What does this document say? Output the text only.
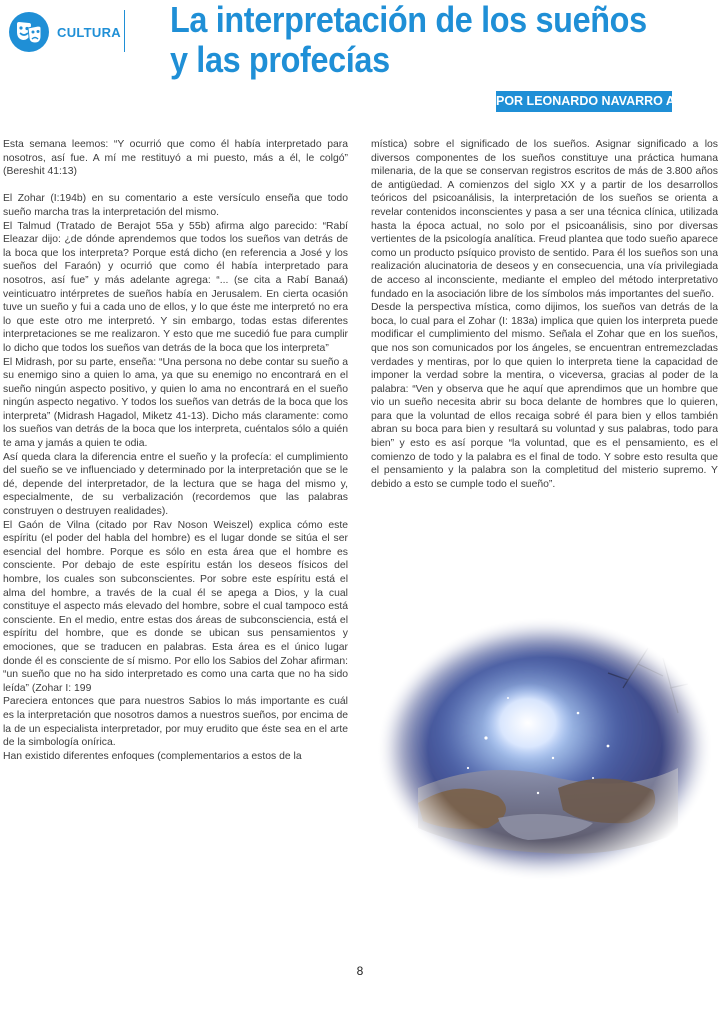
CULTURA La interpretación de los sueños
y las profecías
POR LEONARDO NAVARRO A.

Esta semana leemos: “Y ocurrió que como él había interpretado para nosotros, así fue. A mí me restituyó a mi puesto, más a él, le colgó” (Bereshit 41:13)

El Zohar (I:194b) en su comentario a este versículo enseña que todo sueño marcha tras la interpretación del mismo.

El Talmud (Tratado de Berajot 55a y 55b) afirma algo parecido: “Rabí Eleazar dijo: ¿de dónde aprendemos que todos los sueños van detrás de la boca que los interpreta? Porque está dicho (en referencia a José y los sueños del Faraón) y ocurrió que como él había interpretado para nosotros, así fue” y más adelante agrega: “... (se cita a Rabí Banaá) veinticuatro intérpretes de sueños había en Jerusalem. En cierta ocasión tuve un sueño y fui a cada uno de ellos, y lo que éste me interpretó no era lo que este otro me interpretó. Y sin embargo, todas estas diferentes interpretaciones se me realizaron. Y esto que me sucedió fue para cumplir lo dicho que todos los sueños van detrás de la boca que los interpreta”

El Midrash, por su parte, enseña: “Una persona no debe contar su sueño a su enemigo sino a quien lo ama, ya que su enemigo no encontrará en el sueño ningún aspecto positivo, y quien lo ama no encontrará en el sueño ningún aspecto negativo. Y todos los sueños van detrás de la boca que los interpreta” (Midrash Hagadol, Miketz 41-13). Dicho más claramente: como los sueños van detrás de la boca que los interpreta, cuéntalos sólo a quién te ama y jamás a quien te odia.

Así queda clara la diferencia entre el sueño y la profecía: el cumplimiento del sueño se ve influenciado y determinado por la interpretación que se le dé, depende del interpretador, de la lectura que se haga del mismo y, especialmente, de su verbalización (recordemos que las palabras construyen o destruyen realidades).

El Gaón de Vilna (citado por Rav Noson Weiszel) explica cómo este espíritu (el poder del habla del hombre) es el lugar donde se sitúa el ser esencial del hombre. Porque es sólo en esta área que el hombre es consciente. Por debajo de este espíritu están los deseos físicos del hombre, los cuales son subconscientes. Por sobre este espíritu está el alma del hombre, a través de la cual él se apega a Dios, y la cual constituye el aspecto más elevado del hombre, sobre el cual tampoco está consciente. En el medio, entre estas dos áreas de subconsciencia, está el espíritu del hombre, que es donde se ubican sus pensamientos y emociones, que se traducen en palabras. Esta área es el único lugar donde él es consciente de sí mismo. Por ello los Sabios del Zohar afirman: “un sueño que no ha sido interpretado es como una carta que no ha sido leída” (Zohar I: 199

Pareciera entonces que para nuestros Sabios lo más importante es cuál es la interpretación que nosotros damos a nuestros sueños, por encima de la de un especialista interpretador, por muy erudito que éste sea en el arte de la simbología onírica.

Han existido diferentes enfoques (complementarios a estos de la

mística) sobre el significado de los sueños. Asignar significado a los diversos componentes de los sueños constituye una práctica humana milenaria, de la que se conservan registros escritos de más de 3.800 años de antigüedad. A comienzos del siglo XX y a partir de los desarrollos teóricos del psicoanálisis, la interpretación de los sueños se orienta a revelar contenidos inconscientes y pasa a ser una técnica clínica, utilizada hasta la época actual, no solo por el psicoanálisis, sino por diversas vertientes de la psicología analítica. Freud plantea que todo sueño aparece como un producto psíquico provisto de sentido. Para él los sueños son una realización alucinatoria de deseos y en consecuencia, una vía privilegiada de acceso al inconsciente, mediante el empleo del método interpretativo fundado en la asociación libre de los símbolos más importantes del sueño.

Desde la perspectiva mística, como dijimos, los sueños van detrás de la boca, lo cual para el Zohar (I: 183a) implica que quien los interpreta puede modificar el cumplimiento del mismo. Señala el Zohar que en los sueños, que nos son comunicados por los ángeles, se encuentran entremezcladas verdades y mentiras, por lo que quien lo interpreta tiene la capacidad de imponer la verdad sobre la mentira, o viceversa, gracias al poder de la palabra: “Ven y observa que he aquí que aprendimos que un hombre que vio un sueño necesita abrir su boca delante de hombres que lo quieren, para que la voluntad de ellos recaiga sobré él para bien y ellos también abran su boca para bien y resultará su voluntad y sus palabras, todo para bien” y esto es así porque “la voluntad, que es el pensamiento, es el comienzo de todo y la palabra es el final de todo. Y sobre esto resulta que el pensamiento y la palabra son la completitud del misterio supremo. Y debido a esto se cumple todo el sueño”.

8
